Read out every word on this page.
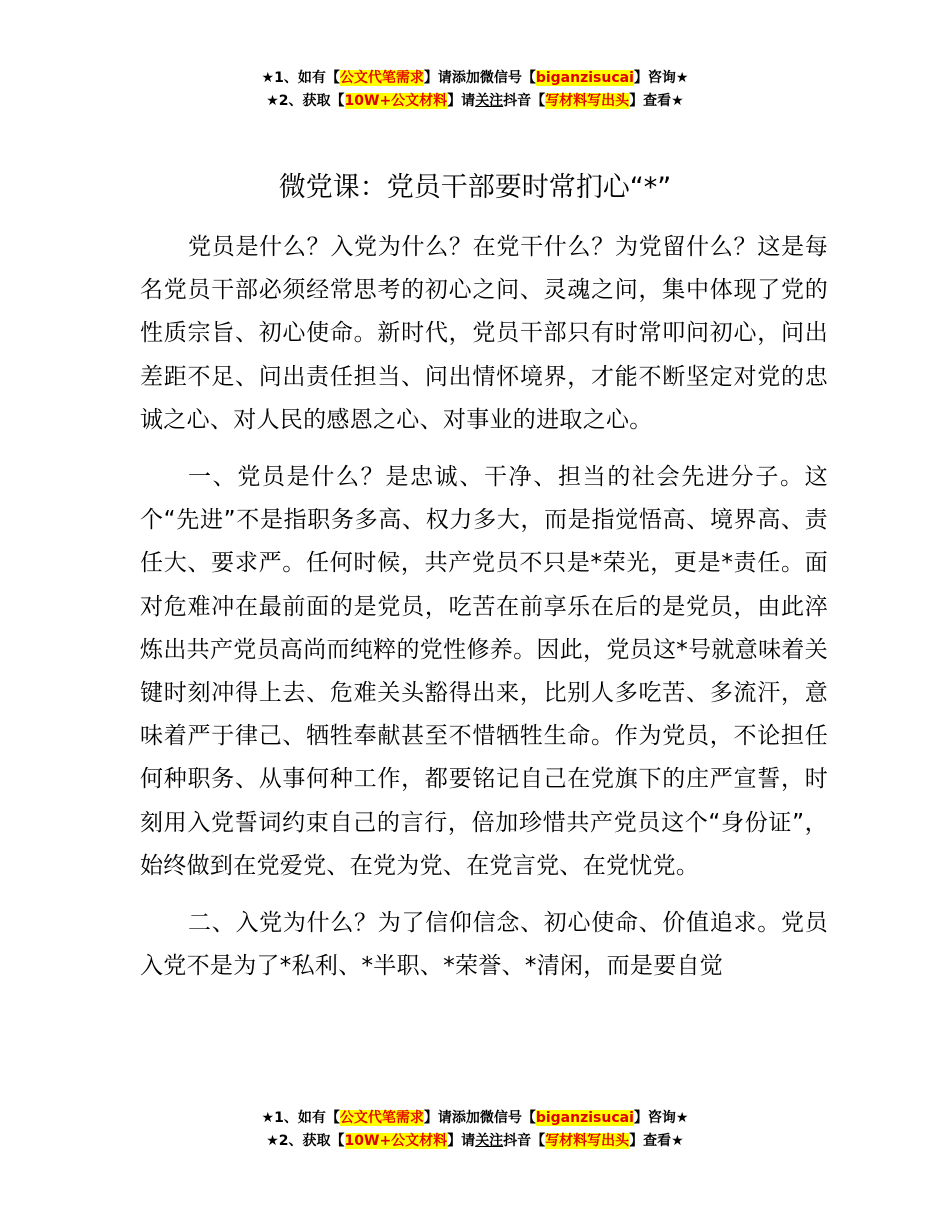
★1、如有【公文代笔需求】请添加微信号【biganzisucai】咨询★
★2、获取【10W+公文材料】请关注抖音【写材料写出头】查看★
微党课：党员干部要时常扪心“*”

党员是什么？入党为什么？在党干什么？为党留什么？这是每名党员干部必须经常思考的初心之问、灵魂之问，集中体现了党的性质宗旨、初心使命。新时代，党员干部只有时常叩问初心，问出差距不足、问出责任担当、问出情怀境界，才能不断坚定对党的忠诚之心、对人民的感恩之心、对事业的进取之心。

一、党员是什么？是忠诚、干净、担当的社会先进分子。这个“先进”不是指职务多高、权力多大，而是指觉悟高、境界高、责任大、要求严。任何时候，共产党员不只是*荣光，更是*责任。面对危难冲在最前面的是党员，吃苦在前享乐在后的是党员，由此淬炼出共产党员高尚而纯粹的党性修养。因此，党员这*号就意味着关键时刻冲得上去、危难关头豁得出来，比别人多吃苦、多流汗，意味着严于律己、牺牲奉献甚至不惜牺牲生命。作为党员，不论担任何种职务、从事何种工作，都要铭记自己在党旗下的庄严宣誓，时刻用入党誓词约束自己的言行，倍加珍惜共产党员这个“身份证”，始终做到在党爱党、在党为党、在党言党、在党忧党。

二、入党为什么？为了信仰信念、初心使命、价值追求。党员入党不是为了*私利、*半职、*荣誉、*清闲，而是要自觉

★1、如有【公文代笔需求】请添加微信号【biganzisucai】咨询★
★2、获取【10W+公文材料】请关注抖音【写材料写出头】查看★
